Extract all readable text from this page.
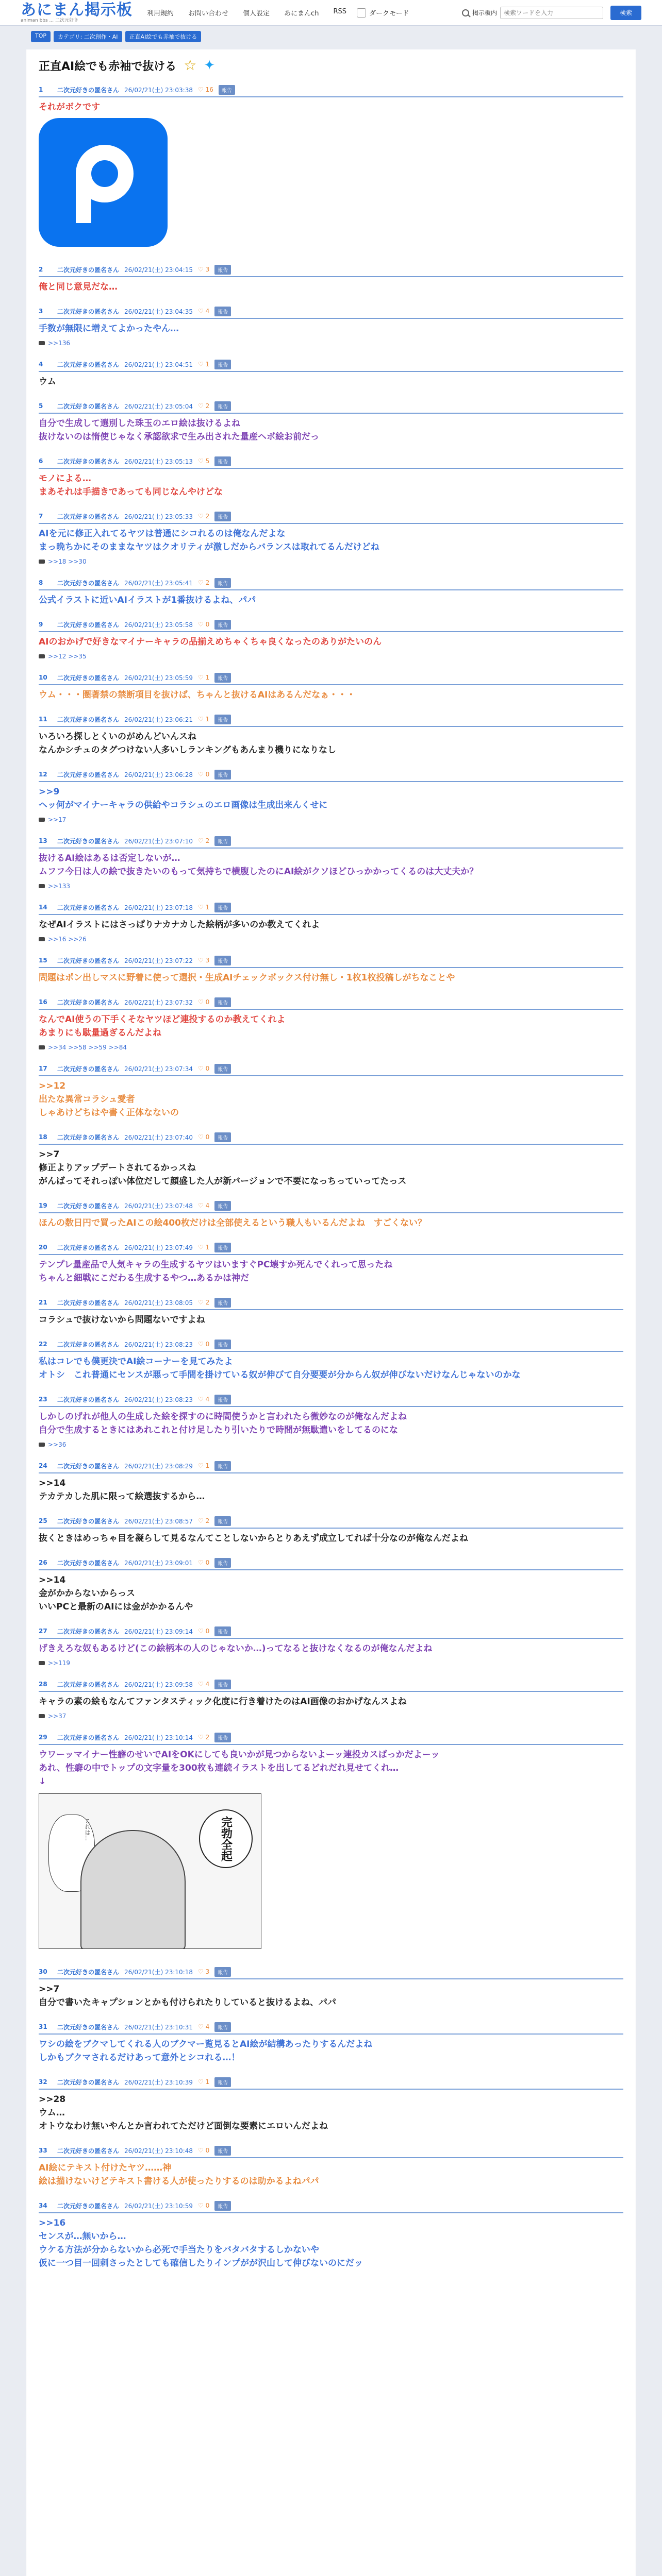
あにまん掲示板
animan bbs ... 二次元好き
利用規約 お問い合わせ 個人設定 あにまんch RSS	ダークモード	掲示板内
検索ワードを入力	検索
TOP	カテゴリ: 二次創作・AI	正直AI絵でも赤袖で抜ける
正直AI絵でも赤袖で抜ける ☆ ✦
1	二次元好きの匿名さん 26/02/21(土) 23:03:38 ♡ 16	報告
それがボクです
2	二次元好きの匿名さん 26/02/21(土) 23:04:15 ♡ 3	報告
俺と同じ意見だな…
3	二次元好きの匿名さん 26/02/21(土) 23:04:35 ♡ 4	報告
手数が無限に増えてよかったやん…
>>136
4	二次元好きの匿名さん 26/02/21(土) 23:04:51 ♡ 1	報告
ウム
5	二次元好きの匿名さん 26/02/21(土) 23:05:04 ♡ 2	報告
自分で生成して選別した珠玉のエロ絵は抜けるよね
抜けないのは惰使じゃなく承認欲求で生み出された量産ヘボ絵お前だっ
6	二次元好きの匿名さん 26/02/21(土) 23:05:13 ♡ 5	報告
モノによる…
まあそれは手描きであっても同じなんやけどな
7	二次元好きの匿名さん 26/02/21(土) 23:05:33 ♡ 2	報告
AIを元に修正入れてるヤツは普通にシコれるのは俺なんだよな
まっ晩ちかにそのままなヤツはクオリティが激しだからバランスは取れてるんだけどね
>>18 >>30
8	二次元好きの匿名さん 26/02/21(土) 23:05:41 ♡ 2	報告
公式イラストに近いAIイラストが1番抜けるよね、パパ
9	二次元好きの匿名さん 26/02/21(土) 23:05:58 ♡ 0	報告
AIのおかげで好きなマイナーキャラの品揃えめちゃくちゃ良くなったのありがたいのん
>>12 >>35
10	二次元好きの匿名さん 26/02/21(土) 23:05:59 ♡ 1	報告
ウム・・・圏著禁の禁断項目を抜けば、ちゃんと抜けるAIはあるんだなぁ・・・
11	二次元好きの匿名さん 26/02/21(土) 23:06:21 ♡ 1	報告
いろいろ探しとくいのがめんどいんスね
なんかシチュのタグつけない人多いしランキングもあんまり機りになりなし
12	二次元好きの匿名さん 26/02/21(土) 23:06:28 ♡ 0	報告
>>9
ヘッ何がマイナーキャラの供給やコラシュのエロ画像は生成出来んくせに
>>17
13	二次元好きの匿名さん 26/02/21(土) 23:07:10 ♡ 2	報告
抜けるAI絵はあるは否定しないが…
ムフフ今日は人の絵で抜きたいのもって気持ちで横腹したのにAI絵がクソほどひっかかってくるのは大丈夫か？
>>133
14	二次元好きの匿名さん 26/02/21(土) 23:07:18 ♡ 1	報告
なぜAIイラストにはさっぱりナカナカした絵柄が多いのか教えてくれよ
>>16 >>26
15	二次元好きの匿名さん 26/02/21(土) 23:07:22 ♡ 3	報告
問題はポン出しマスに野着に使って選択・生成AIチェックボックス付け無し・1枚1枚投稿しがちなことや
16	二次元好きの匿名さん 26/02/21(土) 23:07:32 ♡ 0	報告
なんでAI使うの下手くそなヤツほど連投するのか教えてくれよ
あまりにも駄量過ぎるんだよね
>>34 >>58 >>59 >>84
17	二次元好きの匿名さん 26/02/21(土) 23:07:34 ♡ 0	報告
>>12
出たな異常コラシュ愛者
しゃあけどちはや書く正体なないの
18	二次元好きの匿名さん 26/02/21(土) 23:07:40 ♡ 0	報告
>>7
修正よりアップデートされてるかっスね
がんばってそれっぽい体位だして顔盛した人が新バージョンで不要になっちっていってたっス
19	二次元好きの匿名さん 26/02/21(土) 23:07:48 ♡ 4	報告
ほんの数日円で買ったAIこの絵400枚だけは全部使えるという職人もいるんだよね　すごくない？
20	二次元好きの匿名さん 26/02/21(土) 23:07:49 ♡ 1	報告
テンプレ量産品で人気キャラの生成するヤツはいますぐPC壊すか死んでくれって思ったね
ちゃんと細戦にこだわる生成するやつ…あるかは神だ
21	二次元好きの匿名さん 26/02/21(土) 23:08:05 ♡ 2	報告
コラシュで抜けないから問題ないですよね
22	二次元好きの匿名さん 26/02/21(土) 23:08:23 ♡ 0	報告
私はコレでも僕更決でAI絵コーナーを見てみたよ
オトシ　これ普通にセンスが悪って手間を掛けている奴が伸びて自分要要が分からん奴が伸びないだけなんじゃないのかな
23	二次元好きの匿名さん 26/02/21(土) 23:08:23 ♡ 4	報告
しかしのげれが他人の生成した絵を探すのに時間使うかと言われたら微妙なのが俺なんだよね
自分で生成するときにはあれこれと付け足したり引いたりで時間が無駄遣いをしてるのにな
>>36
24	二次元好きの匿名さん 26/02/21(土) 23:08:29 ♡ 1	報告
>>14
テカテカした肌に限って絵選抜するから…
25	二次元好きの匿名さん 26/02/21(土) 23:08:57 ♡ 2	報告
抜くときはめっちゃ目を凝らして見るなんてことしないからとりあえず成立してれば十分なのが俺なんだよね
26	二次元好きの匿名さん 26/02/21(土) 23:09:01 ♡ 0	報告
>>14
金がかからないからっス
いいPCと最新のAIには金がかかるんや
27	二次元好きの匿名さん 26/02/21(土) 23:09:14 ♡ 0	報告
げきえろな奴もあるけど(この絵柄本の人のじゃないか…)ってなると抜けなくなるのが俺なんだよね
>>119
28	二次元好きの匿名さん 26/02/21(土) 23:09:58 ♡ 4	報告
キャラの素の絵もなんてファンタスティック化度に行き着けたのはAI画像のおかげなんスよね
>>37
29	二次元好きの匿名さん 26/02/21(土) 23:10:14 ♡ 2	報告
ウワーッマイナー性癖のせいでAIをOKにしても良いかが見つからないよーッ連投カスばっかだよーッ
あれ、性癖の中でトップの文字量を300枚も連続イラストを出してるどれだれ見せてくれ…
↓
これは…	完勃全起
30	二次元好きの匿名さん 26/02/21(土) 23:10:18 ♡ 3	報告
>>7
自分で書いたキャプションとかも付けられたりしていると抜けるよね、パパ
31	二次元好きの匿名さん 26/02/21(土) 23:10:31 ♡ 4	報告
ワシの絵をブクマしてくれる人のブクマー覧見るとAI絵が結構あったりするんだよね
しかもブクマされるだけあって意外とシコれる…！
32	二次元好きの匿名さん 26/02/21(土) 23:10:39 ♡ 1	報告
>>28
ウム…
オトウなわけ無いやんとか言われてただけど面倒な要素にエロいんだよね
33	二次元好きの匿名さん 26/02/21(土) 23:10:48 ♡ 0	報告
AI絵にテキスト付けたヤツ……神
絵は描けないけどテキスト書ける人が使ったりするのは助かるよねパパ
34	二次元好きの匿名さん 26/02/21(土) 23:10:59 ♡ 0	報告
>>16
センスが…無いから…
ウケる方法が分からないから必死で手当たりをバタバタするしかないや
仮に一つ目一回刺さったとしても確信したりインプがが沢山して伸びないのにだッ
